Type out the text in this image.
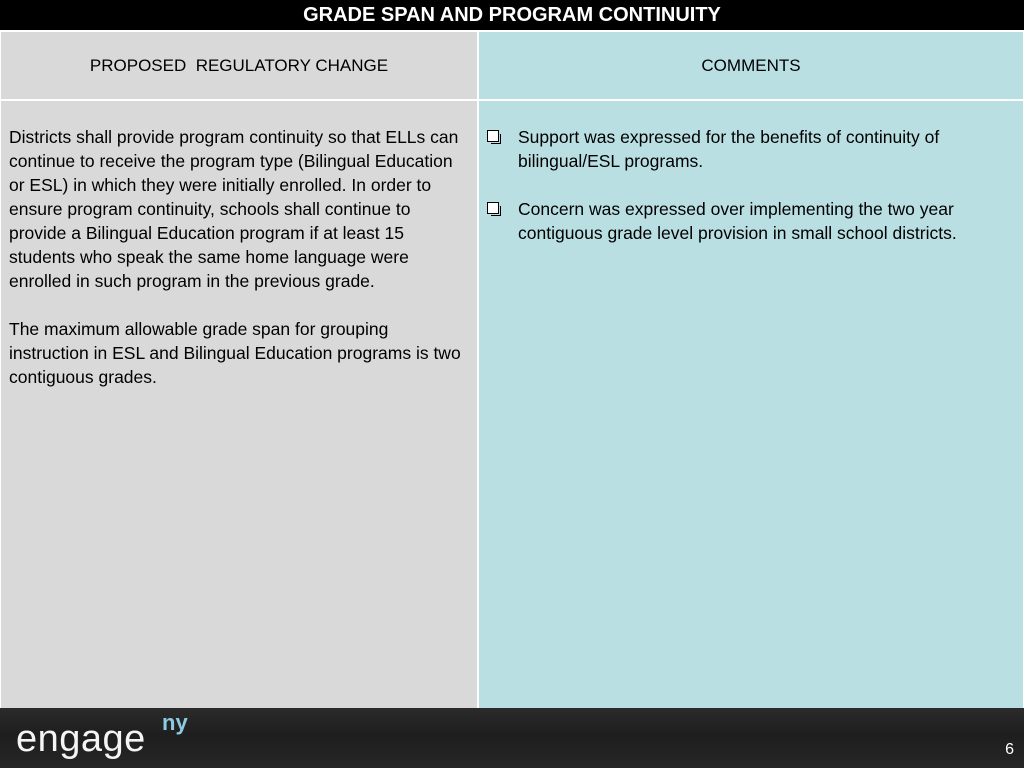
GRADE SPAN AND PROGRAM CONTINUITY
PROPOSED  REGULATORY CHANGE	COMMENTS

Districts shall provide program continuity so that ELLs can continue to receive the program type (Bilingual Education or ESL) in which they were initially enrolled. In order to ensure program continuity, schools shall continue to provide a Bilingual Education program if at least 15 students who speak the same home language were enrolled in such program in the previous grade.

The maximum allowable grade span for grouping instruction in ESL and Bilingual Education programs is two contiguous grades.

Support was expressed for the benefits of continuity of bilingual/ESL programs.
Concern was expressed over implementing the two year contiguous grade level provision in small school districts.
engage ny
6
